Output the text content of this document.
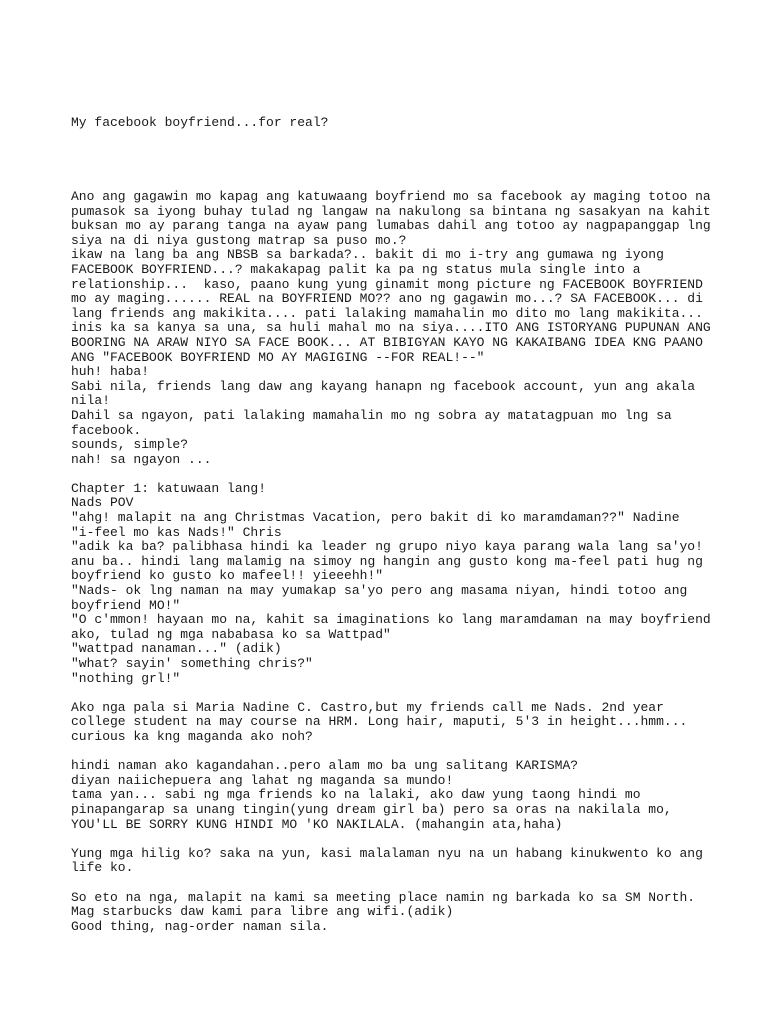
My facebook boyfriend...for real?
Ano ang gagawin mo kapag ang katuwaang boyfriend mo sa facebook ay maging totoo na
pumasok sa iyong buhay tulad ng langaw na nakulong sa bintana ng sasakyan na kahit
buksan mo ay parang tanga na ayaw pang lumabas dahil ang totoo ay nagpapanggap lng
siya na di niya gustong matrap sa puso mo.?
ikaw na lang ba ang NBSB sa barkada?.. bakit di mo i-try ang gumawa ng iyong
FACEBOOK BOYFRIEND...? makakapag palit ka pa ng status mula single into a
relationship...  kaso, paano kung yung ginamit mong picture ng FACEBOOK BOYFRIEND
mo ay maging...... REAL na BOYFRIEND MO?? ano ng gagawin mo...? SA FACEBOOK... di
lang friends ang makikita.... pati lalaking mamahalin mo dito mo lang makikita...
inis ka sa kanya sa una, sa huli mahal mo na siya....ITO ANG ISTORYANG PUPUNAN ANG
BOORING NA ARAW NIYO SA FACE BOOK... AT BIBIGYAN KAYO NG KAKAIBANG IDEA KNG PAANO
ANG "FACEBOOK BOYFRIEND MO AY MAGIGING --FOR REAL!--"
huh! haba!
Sabi nila, friends lang daw ang kayang hanapn ng facebook account, yun ang akala
nila!
Dahil sa ngayon, pati lalaking mamahalin mo ng sobra ay matatagpuan mo lng sa
facebook.
sounds, simple?
nah! sa ngayon ...
Chapter 1: katuwaan lang!
Nads POV
"ahg! malapit na ang Christmas Vacation, pero bakit di ko maramdaman??" Nadine
"i-feel mo kas Nads!" Chris
"adik ka ba? palibhasa hindi ka leader ng grupo niyo kaya parang wala lang sa'yo!
anu ba.. hindi lang malamig na simoy ng hangin ang gusto kong ma-feel pati hug ng
boyfriend ko gusto ko mafeel!! yieeehh!"
"Nads- ok lng naman na may yumakap sa'yo pero ang masama niyan, hindi totoo ang
boyfriend MO!"
"O c'mmon! hayaan mo na, kahit sa imaginations ko lang maramdaman na may boyfriend
ako, tulad ng mga nababasa ko sa Wattpad"
"wattpad nanaman..." (adik)
"what? sayin' something chris?"
"nothing grl!"
Ako nga pala si Maria Nadine C. Castro,but my friends call me Nads. 2nd year
college student na may course na HRM. Long hair, maputi, 5'3 in height...hmm...
curious ka kng maganda ako noh?
hindi naman ako kagandahan..pero alam mo ba ung salitang KARISMA?
diyan naiichepuera ang lahat ng maganda sa mundo!
tama yan... sabi ng mga friends ko na lalaki, ako daw yung taong hindi mo
pinapangarap sa unang tingin(yung dream girl ba) pero sa oras na nakilala mo,
YOU'LL BE SORRY KUNG HINDI MO 'KO NAKILALA. (mahangin ata,haha)
Yung mga hilig ko? saka na yun, kasi malalaman nyu na un habang kinukwento ko ang
life ko.
So eto na nga, malapit na kami sa meeting place namin ng barkada ko sa SM North.
Mag starbucks daw kami para libre ang wifi.(adik)
Good thing, nag-order naman sila.
